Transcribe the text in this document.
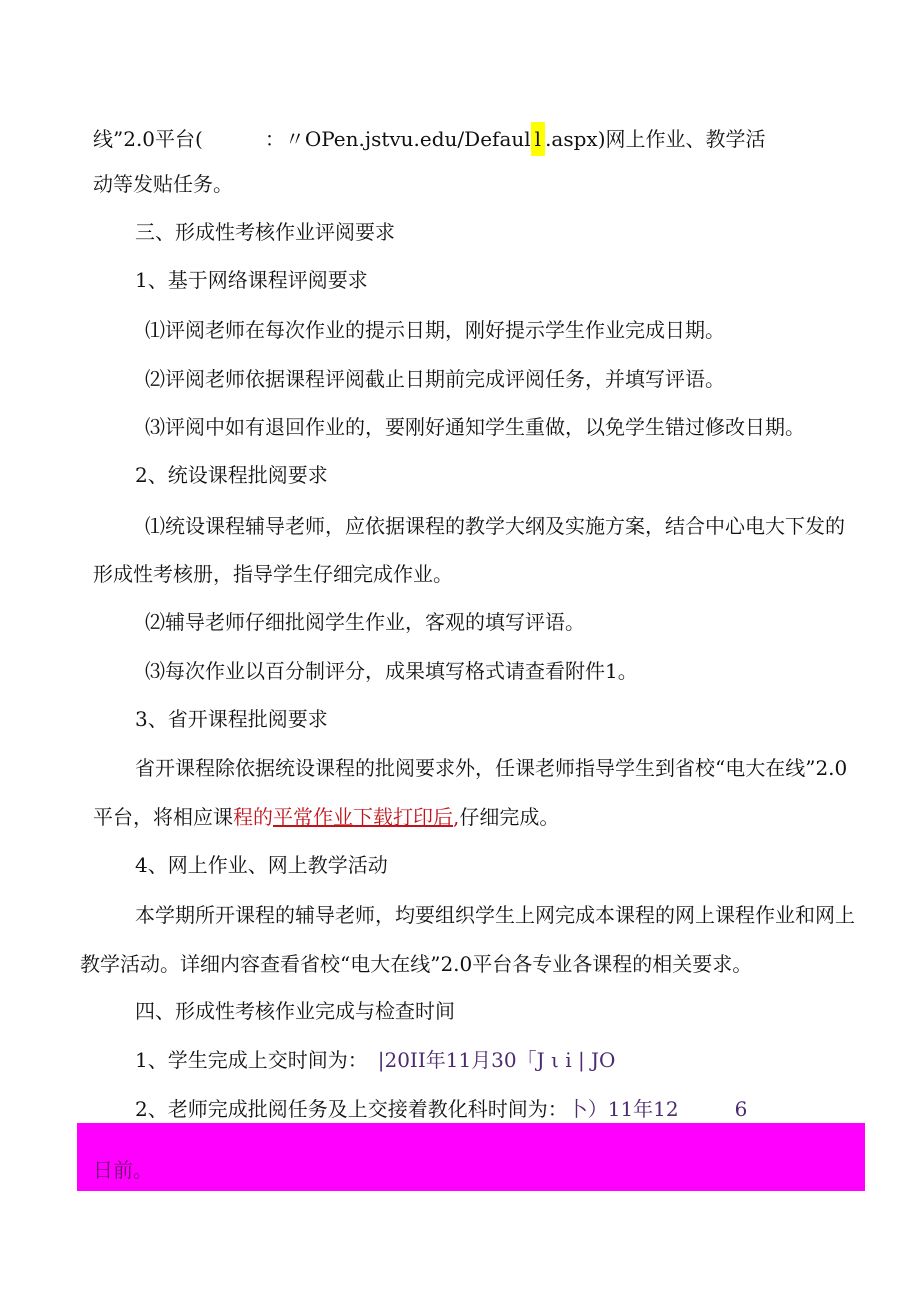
线”2.0平台(	：〃OPen.jstvu.edu/Defaul l .aspx)网上作业、教学活
动等发贴任务。
三、形成性考核作业评阅要求
1、基于网络课程评阅要求
⑴评阅老师在每次作业的提示日期，刚好提示学生作业完成日期。
⑵评阅老师依据课程评阅截止日期前完成评阅任务，并填写评语。
⑶评阅中如有退回作业的，要刚好通知学生重做，以免学生错过修改日期。
2、统设课程批阅要求
⑴统设课程辅导老师，应依据课程的教学大纲及实施方案，结合中心电大下发的
形成性考核册，指导学生仔细完成作业。
⑵辅导老师仔细批阅学生作业，客观的填写评语。
⑶每次作业以百分制评分，成果填写格式请查看附件1。
3、省开课程批阅要求
省开课程除依据统设课程的批阅要求外，任课老师指导学生到省校“电大在线”2.0
平台，将相应课程的平常作业下载打印后,仔细完成。
4、网上作业、网上教学活动
本学期所开课程的辅导老师，均要组织学生上网完成本课程的网上课程作业和网上
教学活动。详细内容查看省校“电大在线”2.0平台各专业各课程的相关要求。
四、形成性考核作业完成与检查时间
1、学生完成上交时间为： |20II年11月30「J ι i | JO
2、老师完成批阅任务及上交接着教化科时间为：卜）11年12	6
日前。
